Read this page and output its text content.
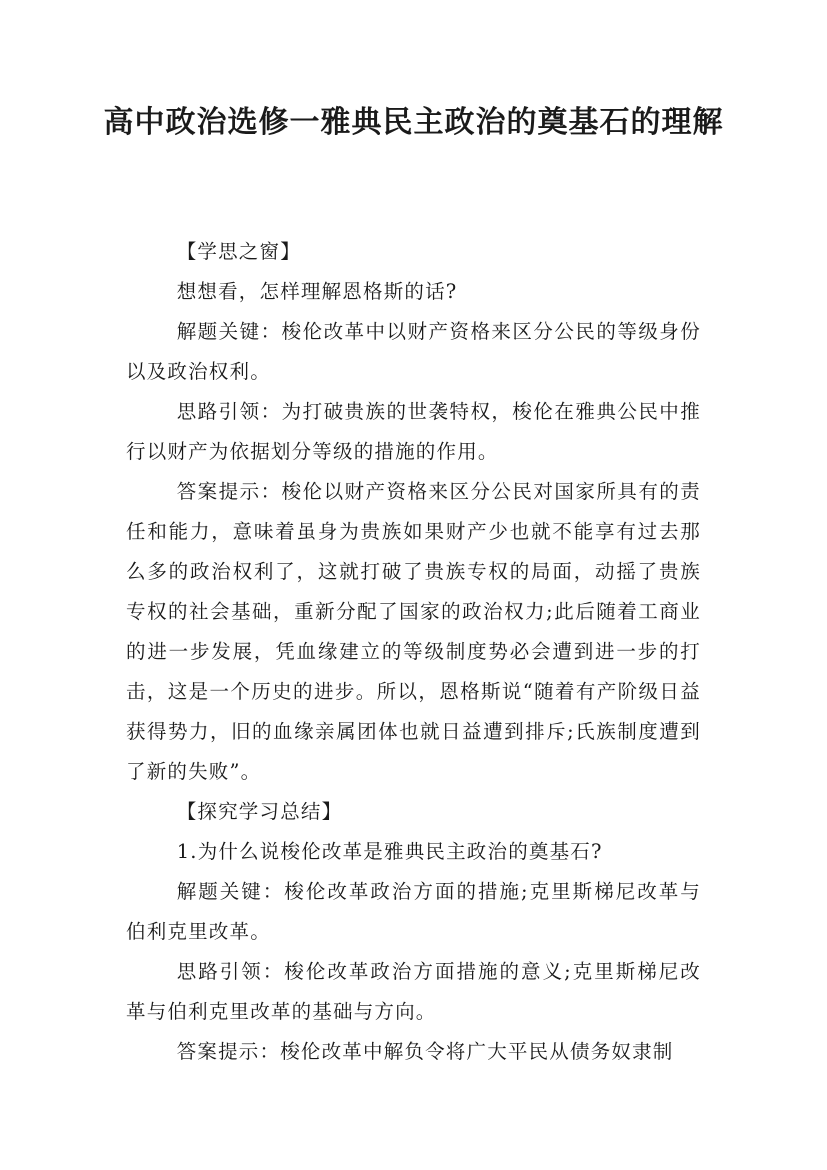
高中政治选修一雅典民主政治的奠基石的理解

【学思之窗】

想想看，怎样理解恩格斯的话?

解题关键：梭伦改革中以财产资格来区分公民的等级身份以及政治权利。

思路引领：为打破贵族的世袭特权，梭伦在雅典公民中推行以财产为依据划分等级的措施的作用。

答案提示：梭伦以财产资格来区分公民对国家所具有的责任和能力，意味着虽身为贵族如果财产少也就不能享有过去那么多的政治权利了，这就打破了贵族专权的局面，动摇了贵族专权的社会基础，重新分配了国家的政治权力;此后随着工商业的进一步发展，凭血缘建立的等级制度势必会遭到进一步的打击，这是一个历史的进步。所以，恩格斯说“随着有产阶级日益获得势力，旧的血缘亲属团体也就日益遭到排斥;氏族制度遭到了新的失败”。

【探究学习总结】

1.为什么说梭伦改革是雅典民主政治的奠基石?

解题关键：梭伦改革政治方面的措施;克里斯梯尼改革与伯利克里改革。

思路引领：梭伦改革政治方面措施的意义;克里斯梯尼改革与伯利克里改革的基础与方向。

答案提示：梭伦改革中解负令将广大平民从债务奴隶制
